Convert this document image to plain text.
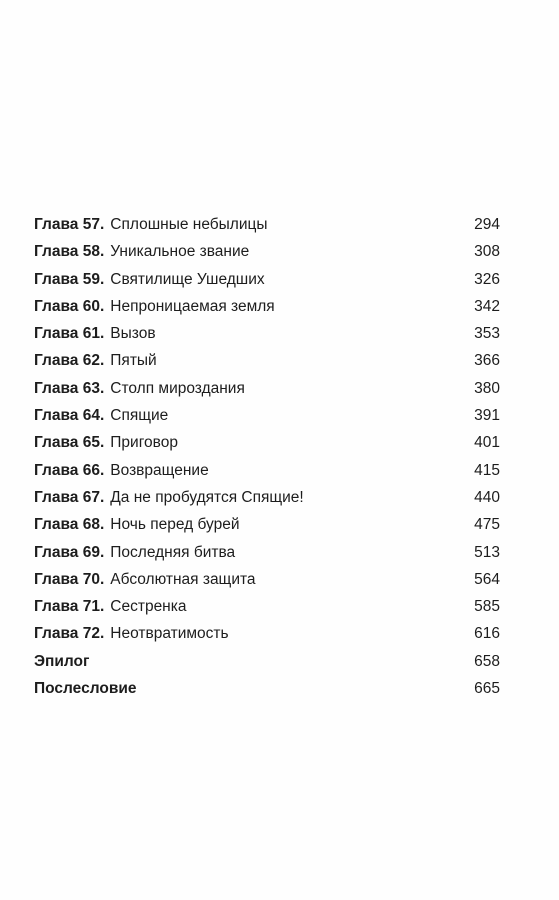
Глава 57. Сплошные небылицы	294
Глава 58. Уникальное звание	308
Глава 59. Святилище Ушедших	326
Глава 60. Непроницаемая земля	342
Глава 61. Вызов	353
Глава 62. Пятый	366
Глава 63. Столп мироздания	380
Глава 64. Спящие	391
Глава 65. Приговор	401
Глава 66. Возвращение	415
Глава 67. Да не пробудятся Спящие!	440
Глава 68. Ночь перед бурей	475
Глава 69. Последняя битва	513
Глава 70. Абсолютная защита	564
Глава 71. Сестренка	585
Глава 72. Неотвратимость	616
Эпилог	658
Послесловие	665
